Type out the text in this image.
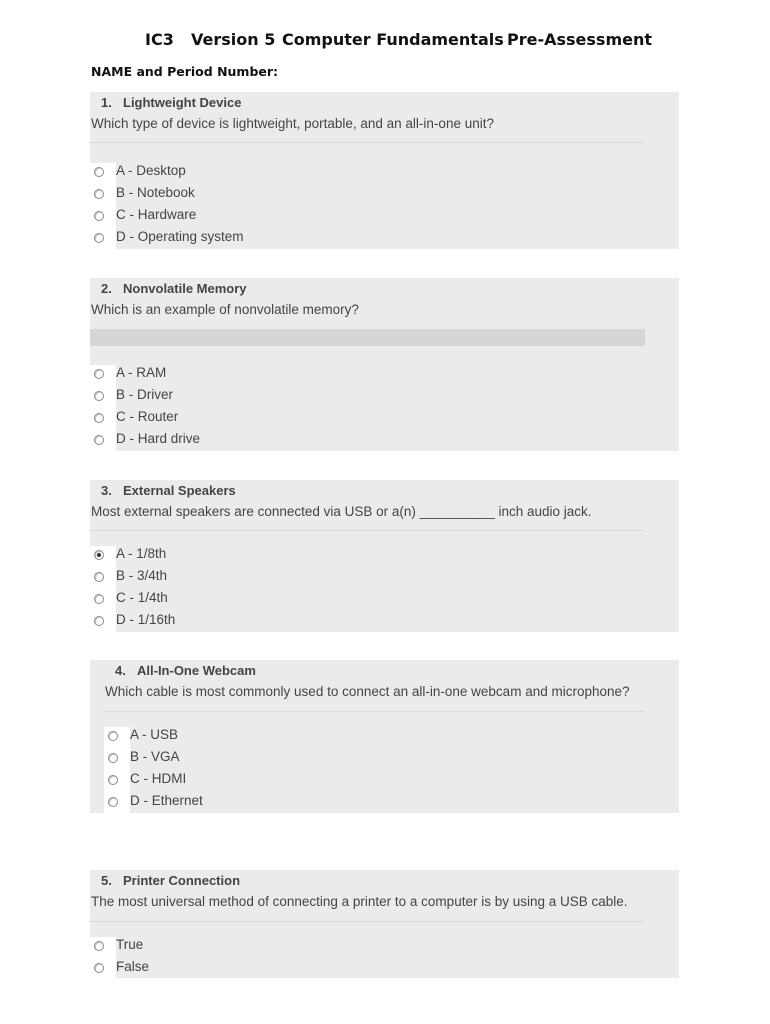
IC3 Version 5 Computer Fundamentals Pre-Assessment
NAME and Period Number:
1. Lightweight Device
Which type of device is lightweight, portable, and an all-in-one unit?
A - Desktop
B - Notebook
C - Hardware
D - Operating system
2. Nonvolatile Memory
Which is an example of nonvolatile memory?
A - RAM
B - Driver
C - Router
D - Hard drive
3. External Speakers
Most external speakers are connected via USB or a(n) __________ inch audio jack.
A - 1/8th
B - 3/4th
C - 1/4th
D - 1/16th
4. All-In-One Webcam
Which cable is most commonly used to connect an all-in-one webcam and microphone?
A - USB
B - VGA
C - HDMI
D - Ethernet
5. Printer Connection
The most universal method of connecting a printer to a computer is by using a USB cable.
True
False
